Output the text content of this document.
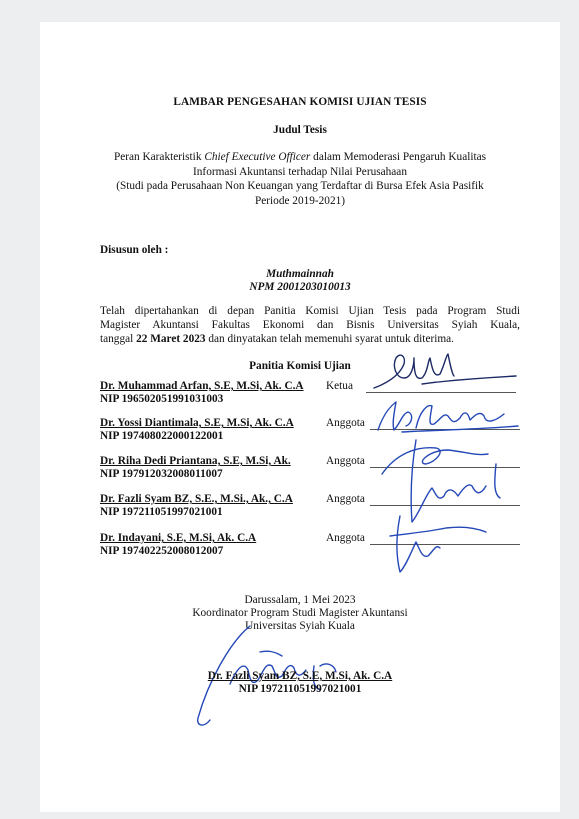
LAMBAR PENGESAHAN KOMISI UJIAN TESIS
Judul Tesis
Peran Karakteristik Chief Executive Officer dalam Memoderasi Pengaruh Kualitas
Informasi Akuntansi terhadap Nilai Perusahaan
(Studi pada Perusahaan Non Keuangan yang Terdaftar di Bursa Efek Asia Pasifik
Periode 2019-2021)
Disusun oleh :
Muthmainnah
NPM 2001203010013
Telah dipertahankan di depan Panitia Komisi Ujian Tesis pada Program Studi
Magister Akuntansi Fakultas Ekonomi dan Bisnis Universitas Syiah Kuala,
tanggal 22 Maret 2023 dan dinyatakan telah memenuhi syarat untuk diterima.
Panitia Komisi Ujian
Dr. Muhammad Arfan, S.E, M.Si, Ak. C.A
NIP 196502051991031003
Ketua
Dr. Yossi Diantimala, S.E, M.Si, Ak. C.A
NIP 197408022000122001
Anggota
Dr. Riha Dedi Priantana, S.E, M.Si, Ak.
NIP 197912032008011007
Anggota
Dr. Fazli Syam BZ, S.E., M.Si., Ak., C.A
NIP 197211051997021001
Anggota
Dr. Indayani, S.E, M.Si, Ak. C.A
NIP 197402252008012007
Anggota
Darussalam, 1 Mei 2023
Koordinator Program Studi Magister Akuntansi
Universitas Syiah Kuala
Dr. Fazli Syam BZ, S.E, M.Si, Ak. C.A
NIP 197211051997021001
